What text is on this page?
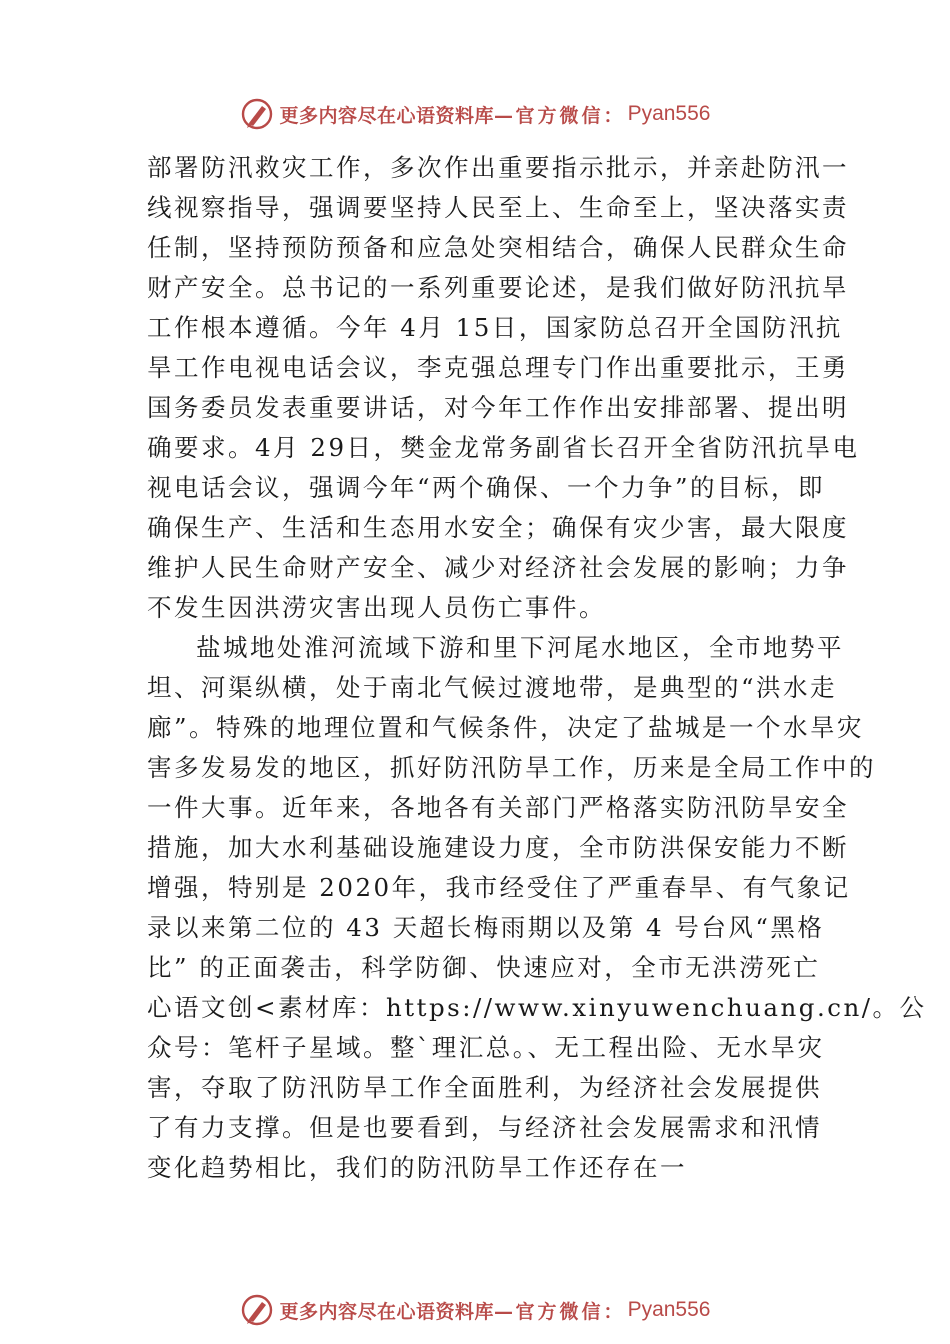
更多内容尽在心语资料库— 官方微信： Pyan556
部署防汛救灾工作，多次作出重要指示批示，并亲赴防汛一
线视察指导，强调要坚持人民至上、生命至上，坚决落实责
任制，坚持预防预备和应急处突相结合，确保人民群众生命
财产安全。总书记的一系列重要论述，是我们做好防汛抗旱
工作根本遵循。今年 4月 15日，国家防总召开全国防汛抗
旱工作电视电话会议，李克强总理专门作出重要批示，王勇
国务委员发表重要讲话，对今年工作作出安排部署、提出明
确要求。4月 29日，樊金龙常务副省长召开全省防汛抗旱电
视电话会议，强调今年“两个确保、一个力争”的目标，即
确保生产、生活和生态用水安全；确保有灾少害，最大限度
维护人民生命财产安全、减少对经济社会发展的影响；力争
不发生因洪涝灾害出现人员伤亡事件。
盐城地处淮河流域下游和里下河尾水地区，全市地势平
坦、河渠纵横，处于南北气候过渡地带，是典型的“洪水走
廊”。特殊的地理位置和气候条件，决定了盐城是一个水旱灾
害多发易发的地区，抓好防汛防旱工作，历来是全局工作中的
一件大事。近年来，各地各有关部门严格落实防汛防旱安全
措施，加大水利基础设施建设力度，全市防洪保安能力不断
增强，特别是 2020年，我市经受住了严重春旱、有气象记
录以来第二位的 43 天超长梅雨期以及第 4 号台风“黑格
比” 的正面袭击，科学防御、快速应对，全市无洪涝死亡
心语文创<素材库：https://www.xinyuwenchuang.cn/。公
众号：笔杆子星域。整`理汇总。、无工程出险、无水旱灾
害，夺取了防汛防旱工作全面胜利，为经济社会发展提供
了有力支撑。但是也要看到，与经济社会发展需求和汛情
变化趋势相比，我们的防汛防旱工作还存在一
更多内容尽在心语资料库— 官方微信： Pyan556
